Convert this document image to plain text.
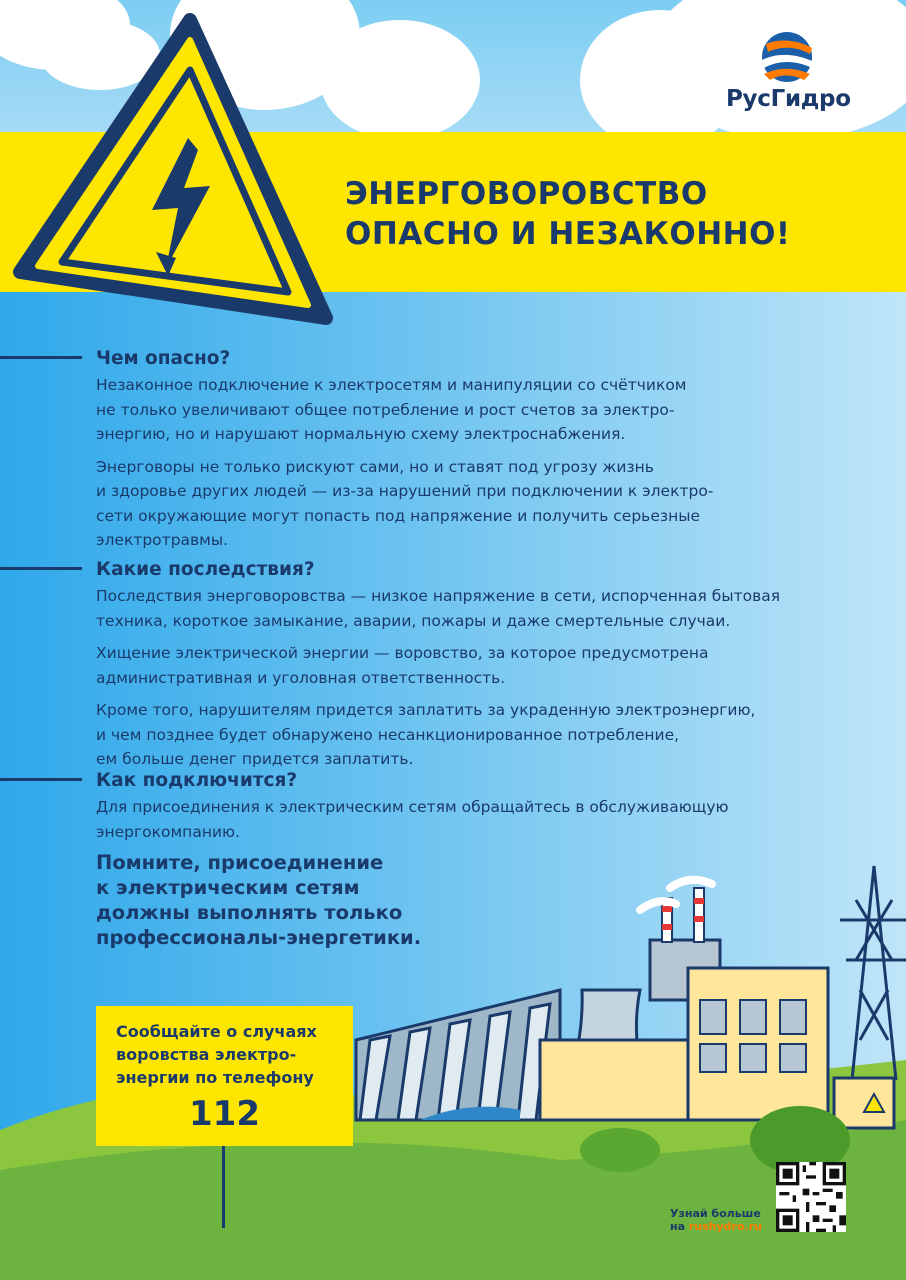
ЭНЕРГОВОРОВСТВО
ОПАСНО И НЕЗАКОННО!
РусГидро
Чем опасно?

Незаконное подключение к электросетям и манипуляции со счётчиком
не только увеличивают общее потребление и рост счетов за электро-
энергию, но и нарушают нормальную схему электроснабжения.

Энерговоры не только рискуют сами, но и ставят под угрозу жизнь
и здоровье других людей — из-за нарушений при подключении к электро-
сети окружающие могут попасть под напряжение и получить серьезные
электротравмы.

Какие последствия?

Последствия энерговоровства — низкое напряжение в сети, испорченная бытовая
техника, короткое замыкание, аварии, пожары и даже смертельные случаи.

Хищение электрической энергии — воровство, за которое предусмотрена
административная и уголовная ответственность.

Кроме того, нарушителям придется заплатить за украденную электроэнергию,
и чем позднее будет обнаружено несанкционированное потребление,
ем больше денег придется заплатить.

Как подключится?

Для присоединения к электрическим сетям обращайтесь в обслуживающую
энергокомпанию.

Помните, присоединение
к электрическим сетям
должны выполнять только
профессионалы-энергетики.

Сообщайте о случаях
воровства электро-
энергии по телефону
112
Узнай больше
на rushydro.ru
